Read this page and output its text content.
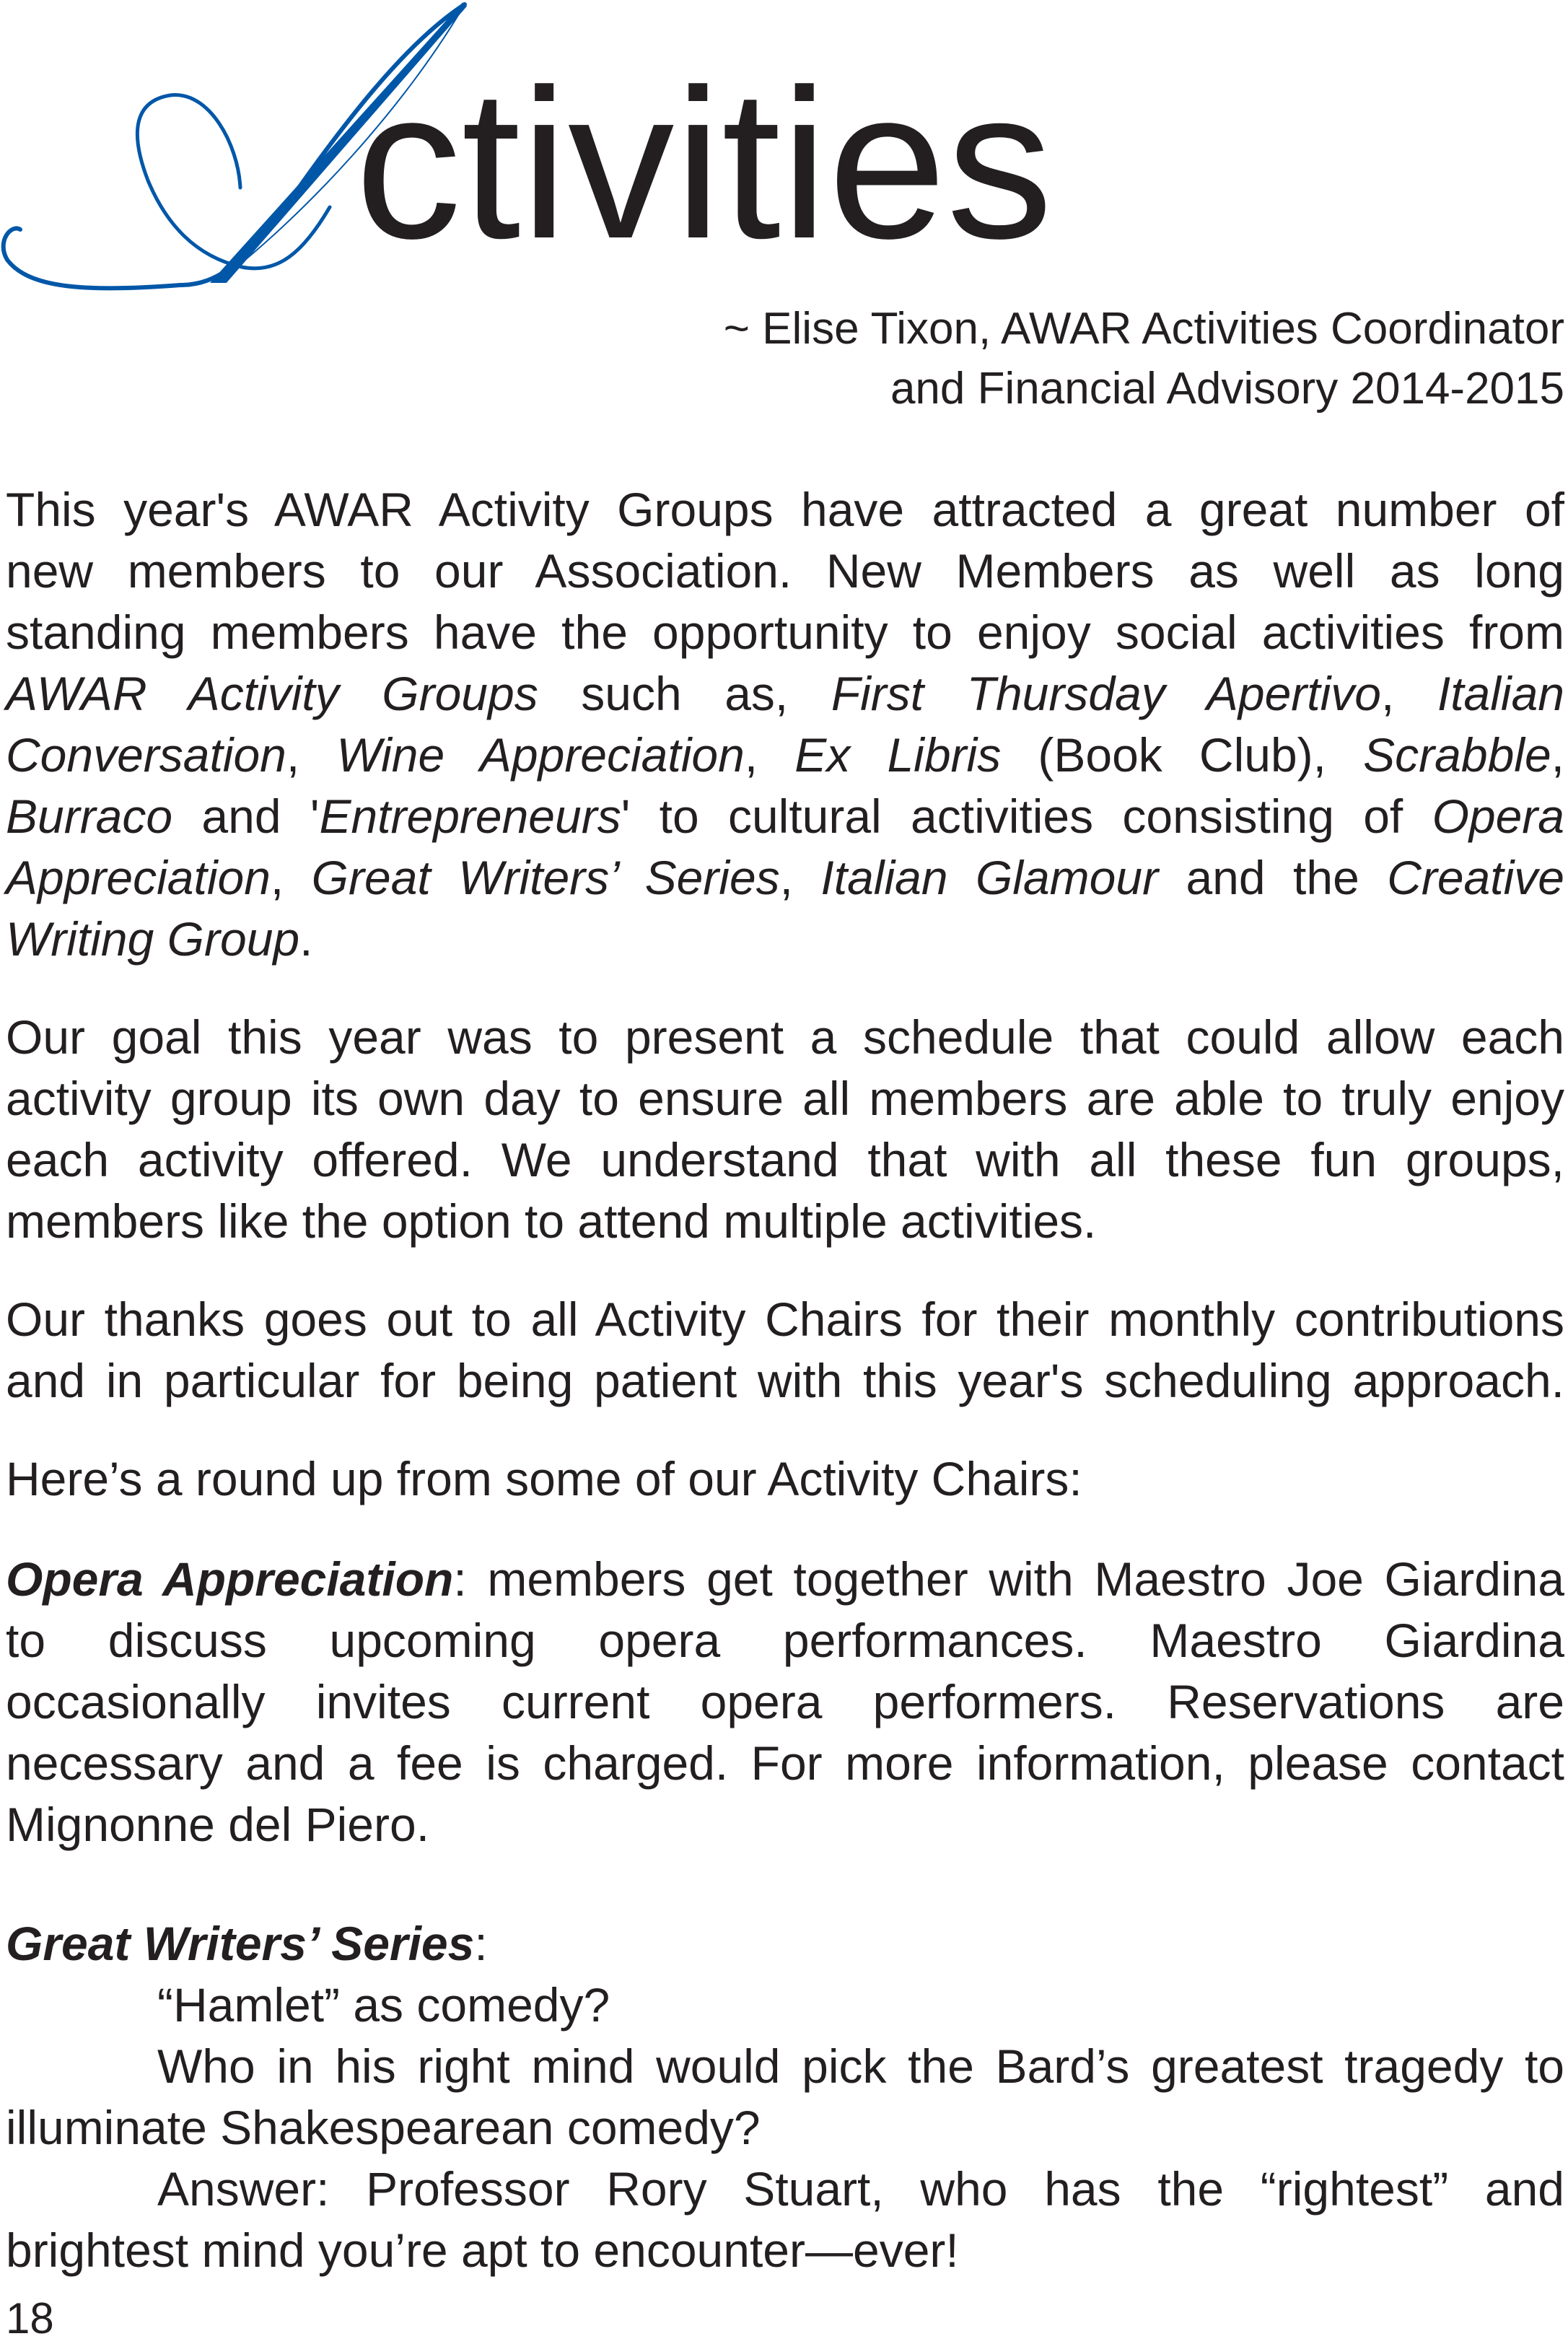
ctivities
~ Elise Tixon, AWAR Activities Coordinator
and Financial Advisory 2014-2015
This year's AWAR Activity Groups have attracted a great number of
new members to our Association. New Members as well as long
standing members have the opportunity to enjoy social activities from
AWAR Activity Groups such as, First Thursday Apertivo, Italian
Conversation, Wine Appreciation, Ex Libris (Book Club), Scrabble,
Burraco and 'Entrepreneurs' to cultural activities consisting of Opera
Appreciation, Great Writers’ Series, Italian Glamour and the Creative
Writing Group.
Our goal this year was to present a schedule that could allow each
activity group its own day to ensure all members are able to truly enjoy
each activity offered. We understand that with all these fun groups,
members like the option to attend multiple activities.
Our thanks goes out to all Activity Chairs for their monthly contributions
and in particular for being patient with this year's scheduling approach.
Here’s a round up from some of our Activity Chairs:
Opera Appreciation: members get together with Maestro Joe Giardina
to discuss upcoming opera performances. Maestro Giardina
occasionally invites current opera performers. Reservations are
necessary and a fee is charged. For more information, please contact
Mignonne del Piero.
Great Writers’ Series:
“Hamlet” as comedy?
Who in his right mind would pick the Bard’s greatest tragedy to
illuminate Shakespearean comedy?
Answer: Professor Rory Stuart, who has the “rightest” and
brightest mind you’re apt to encounter—ever!
18
